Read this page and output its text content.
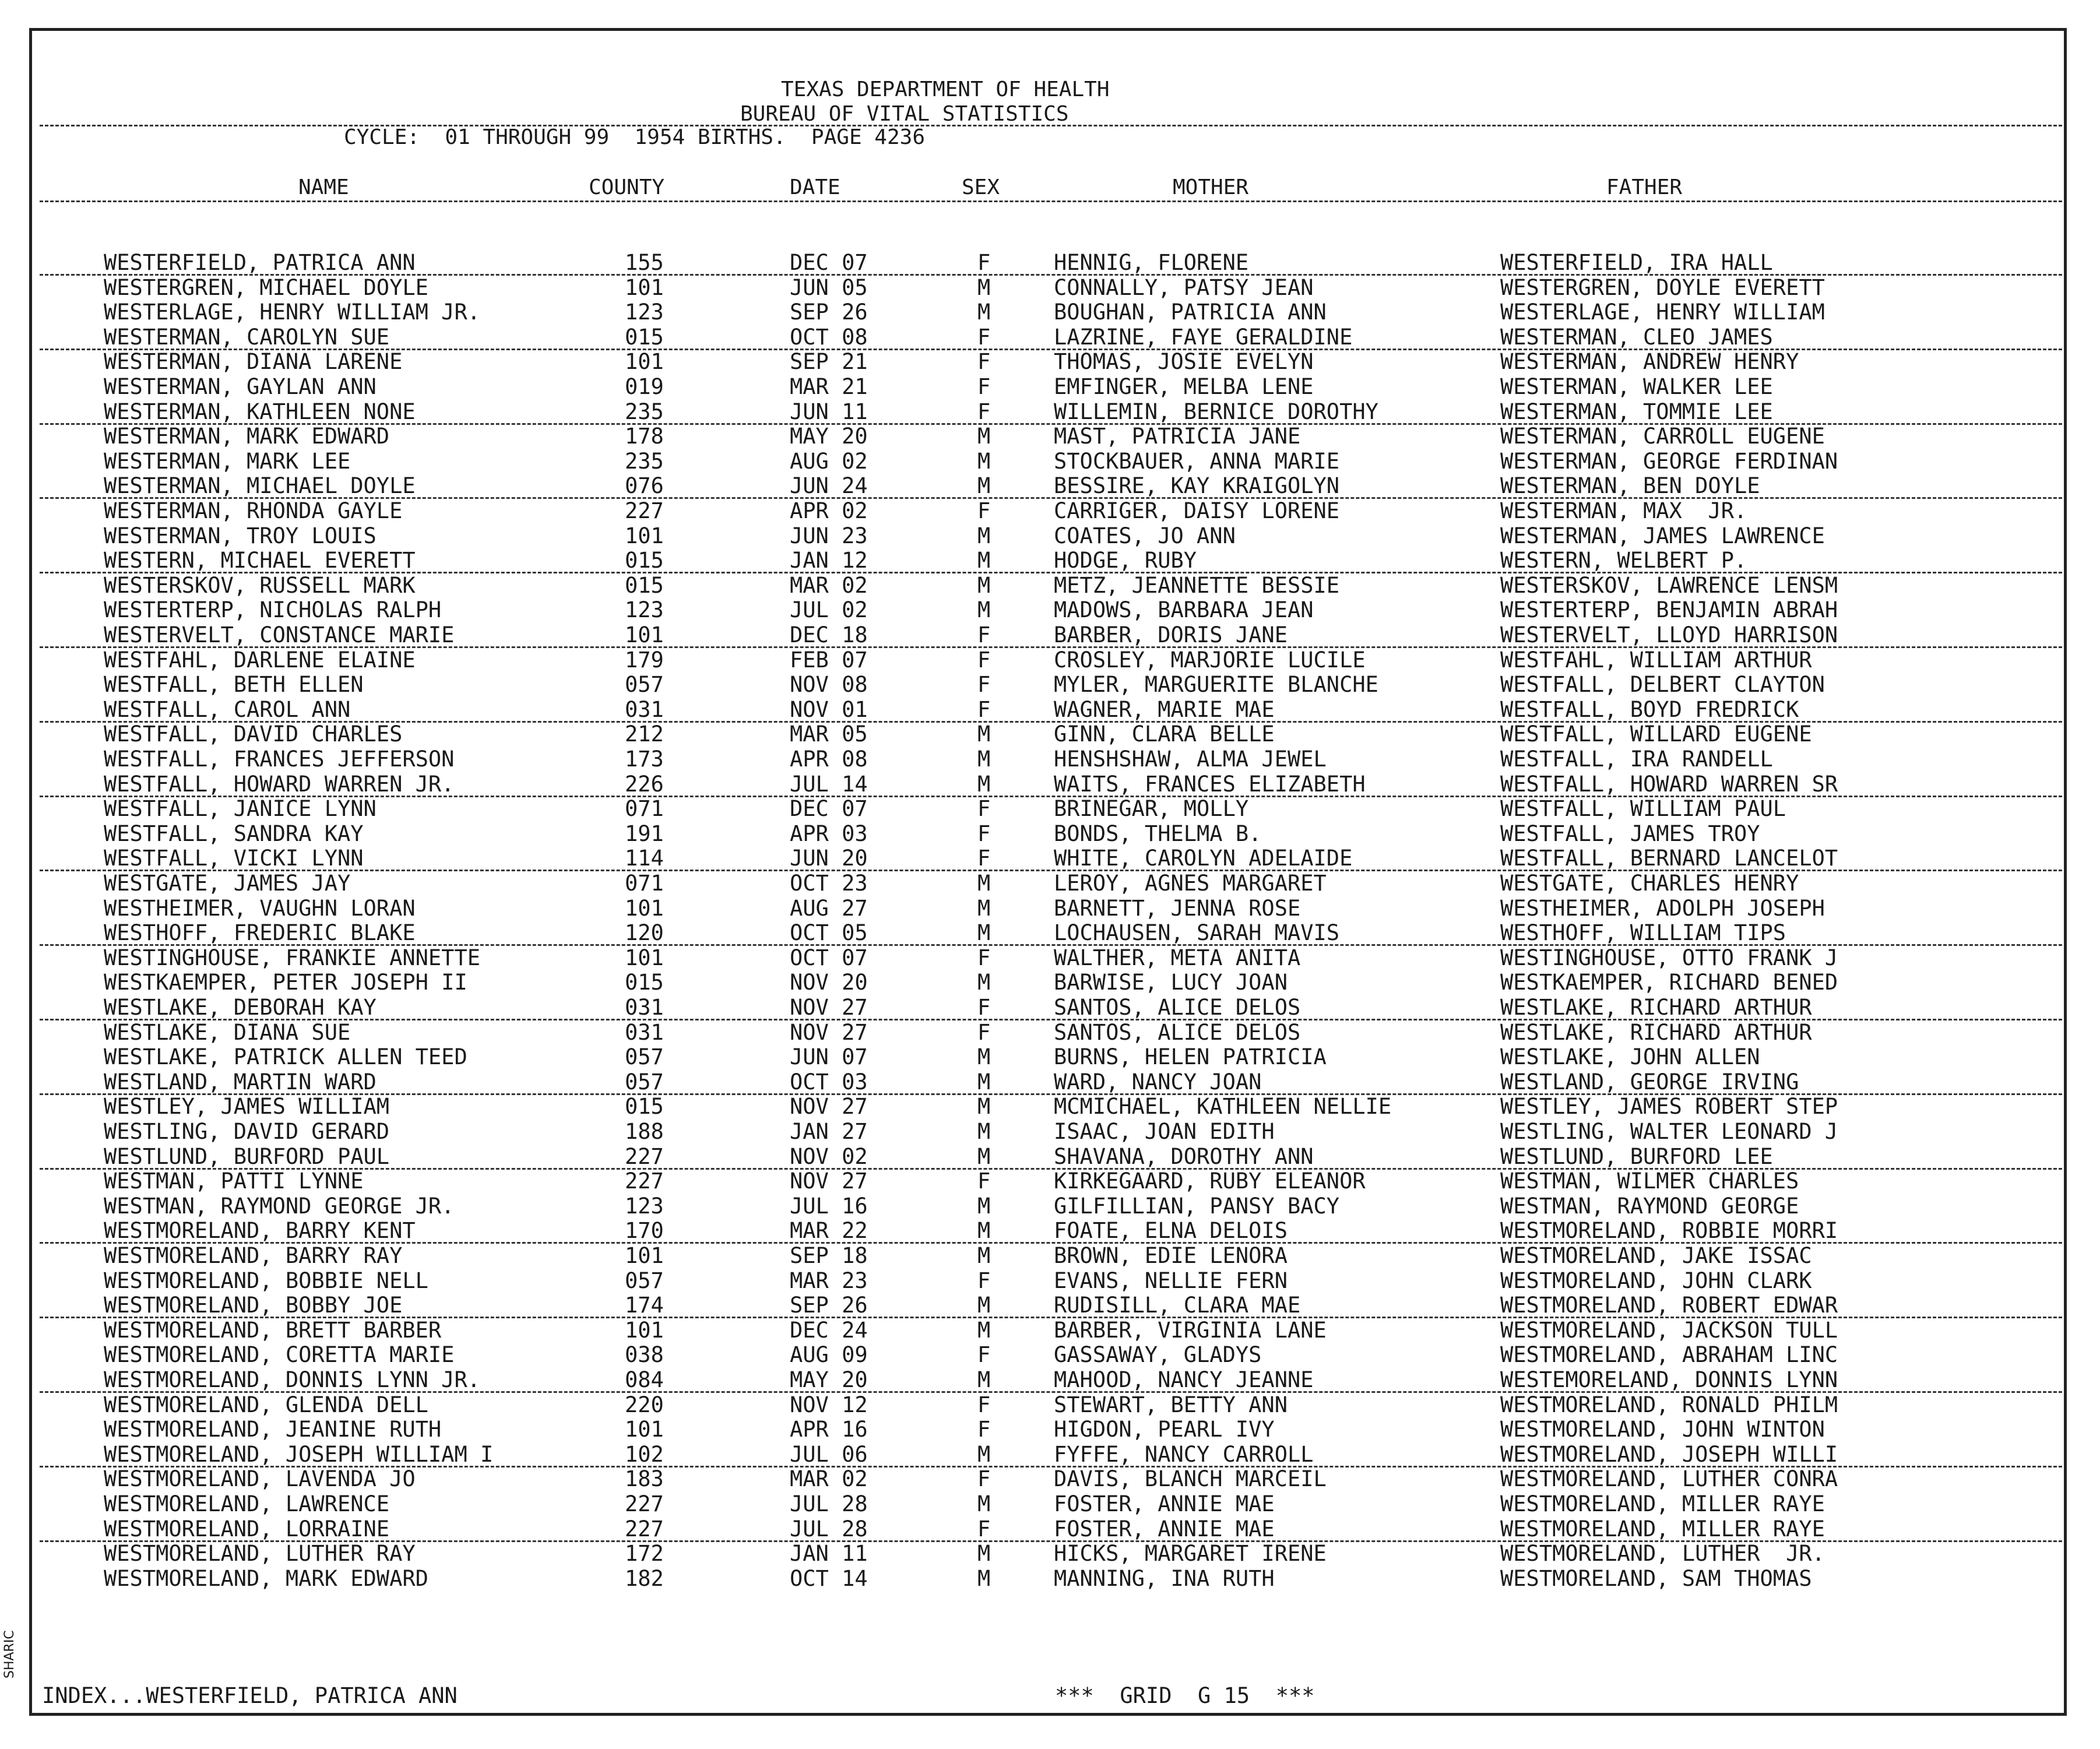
TEXAS DEPARTMENT OF HEALTH
BUREAU OF VITAL STATISTICS
CYCLE:  01 THROUGH 99  1954 BIRTHS.  PAGE 4236
NAME	COUNTY	DATE	SEX	MOTHER	FATHER
WESTERFIELD, PATRICA ANN	155	DEC 07	F	HENNIG, FLORENE	WESTERFIELD, IRA HALL
WESTERGREN, MICHAEL DOYLE	101	JUN 05	M	CONNALLY, PATSY JEAN	WESTERGREN, DOYLE EVERETT
WESTERLAGE, HENRY WILLIAM JR.	123	SEP 26	M	BOUGHAN, PATRICIA ANN	WESTERLAGE, HENRY WILLIAM
WESTERMAN, CAROLYN SUE	015	OCT 08	F	LAZRINE, FAYE GERALDINE	WESTERMAN, CLEO JAMES
WESTERMAN, DIANA LARENE	101	SEP 21	F	THOMAS, JOSIE EVELYN	WESTERMAN, ANDREW HENRY
WESTERMAN, GAYLAN ANN	019	MAR 21	F	EMFINGER, MELBA LENE	WESTERMAN, WALKER LEE
WESTERMAN, KATHLEEN NONE	235	JUN 11	F	WILLEMIN, BERNICE DOROTHY	WESTERMAN, TOMMIE LEE
WESTERMAN, MARK EDWARD	178	MAY 20	M	MAST, PATRICIA JANE	WESTERMAN, CARROLL EUGENE
WESTERMAN, MARK LEE	235	AUG 02	M	STOCKBAUER, ANNA MARIE	WESTERMAN, GEORGE FERDINAN
WESTERMAN, MICHAEL DOYLE	076	JUN 24	M	BESSIRE, KAY KRAIGOLYN	WESTERMAN, BEN DOYLE
WESTERMAN, RHONDA GAYLE	227	APR 02	F	CARRIGER, DAISY LORENE	WESTERMAN, MAX  JR.
WESTERMAN, TROY LOUIS	101	JUN 23	M	COATES, JO ANN	WESTERMAN, JAMES LAWRENCE
WESTERN, MICHAEL EVERETT	015	JAN 12	M	HODGE, RUBY	WESTERN, WELBERT P.
WESTERSKOV, RUSSELL MARK	015	MAR 02	M	METZ, JEANNETTE BESSIE	WESTERSKOV, LAWRENCE LENSM
WESTERTERP, NICHOLAS RALPH	123	JUL 02	M	MADOWS, BARBARA JEAN	WESTERTERP, BENJAMIN ABRAH
WESTERVELT, CONSTANCE MARIE	101	DEC 18	F	BARBER, DORIS JANE	WESTERVELT, LLOYD HARRISON
WESTFAHL, DARLENE ELAINE	179	FEB 07	F	CROSLEY, MARJORIE LUCILE	WESTFAHL, WILLIAM ARTHUR
WESTFALL, BETH ELLEN	057	NOV 08	F	MYLER, MARGUERITE BLANCHE	WESTFALL, DELBERT CLAYTON
WESTFALL, CAROL ANN	031	NOV 01	F	WAGNER, MARIE MAE	WESTFALL, BOYD FREDRICK
WESTFALL, DAVID CHARLES	212	MAR 05	M	GINN, CLARA BELLE	WESTFALL, WILLARD EUGENE
WESTFALL, FRANCES JEFFERSON	173	APR 08	M	HENSHSHAW, ALMA JEWEL	WESTFALL, IRA RANDELL
WESTFALL, HOWARD WARREN JR.	226	JUL 14	M	WAITS, FRANCES ELIZABETH	WESTFALL, HOWARD WARREN SR
WESTFALL, JANICE LYNN	071	DEC 07	F	BRINEGAR, MOLLY	WESTFALL, WILLIAM PAUL
WESTFALL, SANDRA KAY	191	APR 03	F	BONDS, THELMA B.	WESTFALL, JAMES TROY
WESTFALL, VICKI LYNN	114	JUN 20	F	WHITE, CAROLYN ADELAIDE	WESTFALL, BERNARD LANCELOT
WESTGATE, JAMES JAY	071	OCT 23	M	LEROY, AGNES MARGARET	WESTGATE, CHARLES HENRY
WESTHEIMER, VAUGHN LORAN	101	AUG 27	M	BARNETT, JENNA ROSE	WESTHEIMER, ADOLPH JOSEPH
WESTHOFF, FREDERIC BLAKE	120	OCT 05	M	LOCHAUSEN, SARAH MAVIS	WESTHOFF, WILLIAM TIPS
WESTINGHOUSE, FRANKIE ANNETTE	101	OCT 07	F	WALTHER, META ANITA	WESTINGHOUSE, OTTO FRANK J
WESTKAEMPER, PETER JOSEPH II	015	NOV 20	M	BARWISE, LUCY JOAN	WESTKAEMPER, RICHARD BENED
WESTLAKE, DEBORAH KAY	031	NOV 27	F	SANTOS, ALICE DELOS	WESTLAKE, RICHARD ARTHUR
WESTLAKE, DIANA SUE	031	NOV 27	F	SANTOS, ALICE DELOS	WESTLAKE, RICHARD ARTHUR
WESTLAKE, PATRICK ALLEN TEED	057	JUN 07	M	BURNS, HELEN PATRICIA	WESTLAKE, JOHN ALLEN
WESTLAND, MARTIN WARD	057	OCT 03	M	WARD, NANCY JOAN	WESTLAND, GEORGE IRVING
WESTLEY, JAMES WILLIAM	015	NOV 27	M	MCMICHAEL, KATHLEEN NELLIE	WESTLEY, JAMES ROBERT STEP
WESTLING, DAVID GERARD	188	JAN 27	M	ISAAC, JOAN EDITH	WESTLING, WALTER LEONARD J
WESTLUND, BURFORD PAUL	227	NOV 02	M	SHAVANA, DOROTHY ANN	WESTLUND, BURFORD LEE
WESTMAN, PATTI LYNNE	227	NOV 27	F	KIRKEGAARD, RUBY ELEANOR	WESTMAN, WILMER CHARLES
WESTMAN, RAYMOND GEORGE JR.	123	JUL 16	M	GILFILLIAN, PANSY BACY	WESTMAN, RAYMOND GEORGE
WESTMORELAND, BARRY KENT	170	MAR 22	M	FOATE, ELNA DELOIS	WESTMORELAND, ROBBIE MORRI
WESTMORELAND, BARRY RAY	101	SEP 18	M	BROWN, EDIE LENORA	WESTMORELAND, JAKE ISSAC
WESTMORELAND, BOBBIE NELL	057	MAR 23	F	EVANS, NELLIE FERN	WESTMORELAND, JOHN CLARK
WESTMORELAND, BOBBY JOE	174	SEP 26	M	RUDISILL, CLARA MAE	WESTMORELAND, ROBERT EDWAR
WESTMORELAND, BRETT BARBER	101	DEC 24	M	BARBER, VIRGINIA LANE	WESTMORELAND, JACKSON TULL
WESTMORELAND, CORETTA MARIE	038	AUG 09	F	GASSAWAY, GLADYS	WESTMORELAND, ABRAHAM LINC
WESTMORELAND, DONNIS LYNN JR.	084	MAY 20	M	MAHOOD, NANCY JEANNE	WESTEMORELAND, DONNIS LYNN
WESTMORELAND, GLENDA DELL	220	NOV 12	F	STEWART, BETTY ANN	WESTMORELAND, RONALD PHILM
WESTMORELAND, JEANINE RUTH	101	APR 16	F	HIGDON, PEARL IVY	WESTMORELAND, JOHN WINTON
WESTMORELAND, JOSEPH WILLIAM I	102	JUL 06	M	FYFFE, NANCY CARROLL	WESTMORELAND, JOSEPH WILLI
WESTMORELAND, LAVENDA JO	183	MAR 02	F	DAVIS, BLANCH MARCEIL	WESTMORELAND, LUTHER CONRA
WESTMORELAND, LAWRENCE	227	JUL 28	M	FOSTER, ANNIE MAE	WESTMORELAND, MILLER RAYE
WESTMORELAND, LORRAINE	227	JUL 28	F	FOSTER, ANNIE MAE	WESTMORELAND, MILLER RAYE
WESTMORELAND, LUTHER RAY	172	JAN 11	M	HICKS, MARGARET IRENE	WESTMORELAND, LUTHER  JR.
WESTMORELAND, MARK EDWARD	182	OCT 14	M	MANNING, INA RUTH	WESTMORELAND, SAM THOMAS
INDEX...WESTERFIELD, PATRICA ANN	***  GRID  G 15  ***
SHARIC
